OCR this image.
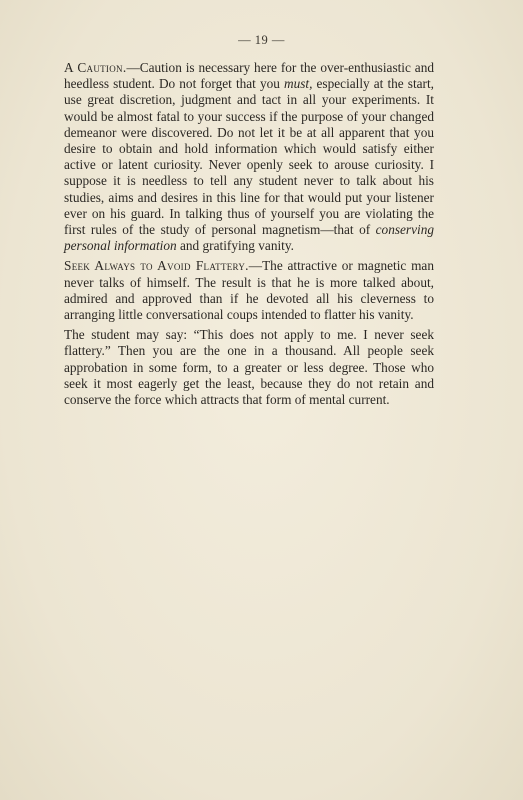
— 19 —

A Caution.—Caution is necessary here for the over-enthusiastic and heedless student. Do not forget that you must, especially at the start, use great discretion, judgment and tact in all your experiments. It would be almost fatal to your success if the purpose of your changed demeanor were discovered. Do not let it be at all apparent that you desire to obtain and hold information which would satisfy either active or latent curiosity. Never openly seek to arouse curiosity. I suppose it is needless to tell any student never to talk about his studies, aims and desires in this line for that would put your listener ever on his guard. In talking thus of yourself you are violating the first rules of the study of personal magnetism—that of conserving personal information and gratifying vanity.

Seek Always to Avoid Flattery.—The attractive or magnetic man never talks of himself. The result is that he is more talked about, admired and approved than if he devoted all his cleverness to arranging little conversational coups intended to flatter his vanity.

The student may say: “This does not apply to me. I never seek flattery.” Then you are the one in a thousand. All people seek approbation in some form, to a greater or less degree. Those who seek it most eagerly get the least, because they do not retain and conserve the force which attracts that form of mental current.
